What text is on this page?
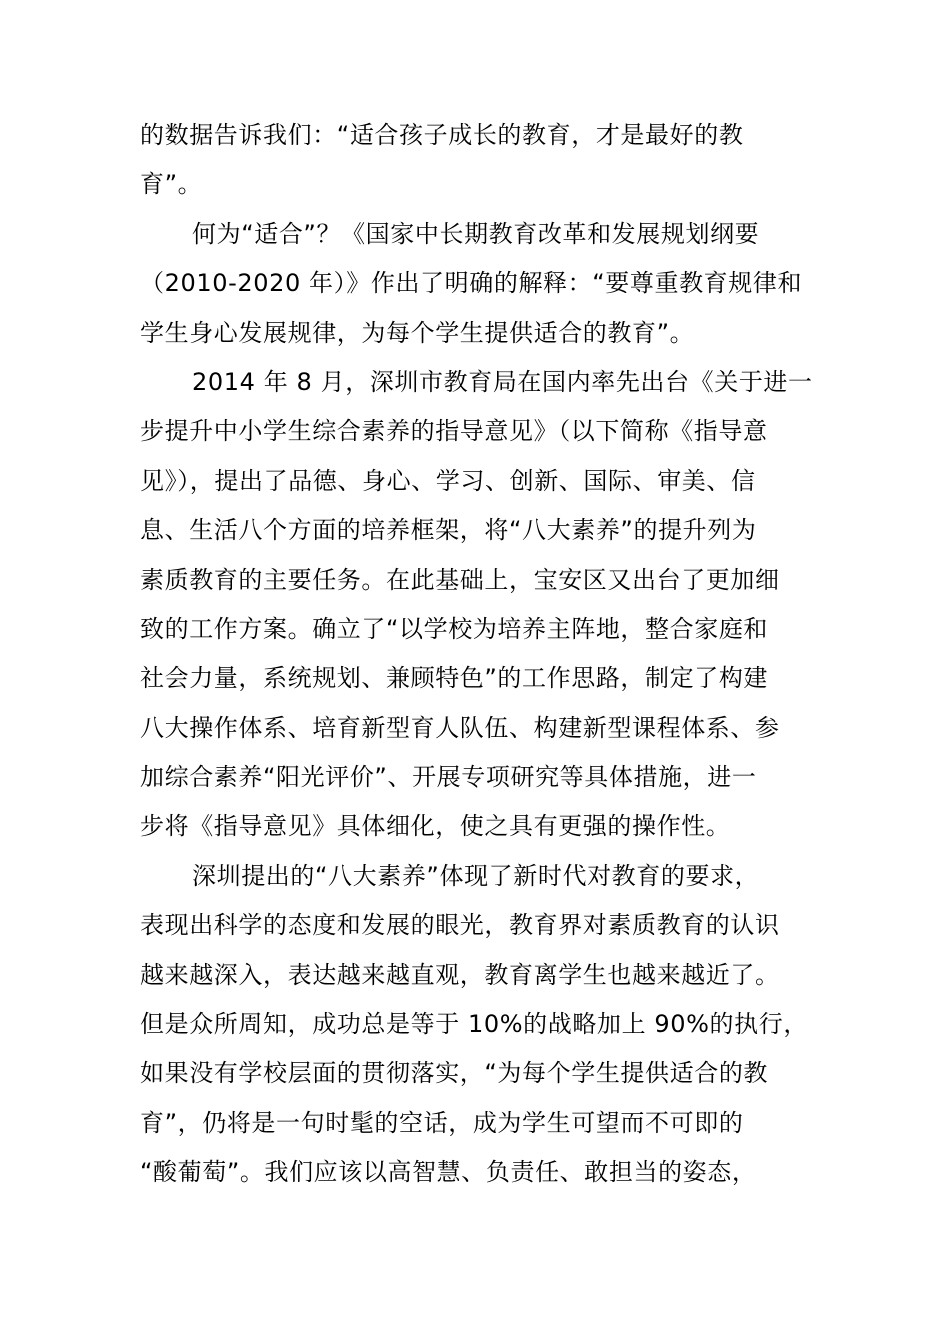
的数据告诉我们：“适合孩子成长的教育，才是最好的教
育”。
何为“适合”？《国家中长期教育改革和发展规划纲要
（2010-2020 年）》作出了明确的解释：“要尊重教育规律和
学生身心发展规律，为每个学生提供适合的教育”。
2014 年 8 月，深圳市教育局在国内率先出台《关于进一
步提升中小学生综合素养的指导意见》（以下简称《指导意
见》），提出了品德、身心、学习、创新、国际、审美、信
息、生活八个方面的培养框架，将“八大素养”的提升列为
素质教育的主要任务。在此基础上，宝安区又出台了更加细
致的工作方案。确立了“以学校为培养主阵地，整合家庭和
社会力量，系统规划、兼顾特色”的工作思路，制定了构建
八大操作体系、培育新型育人队伍、构建新型课程体系、参
加综合素养“阳光评价”、开展专项研究等具体措施，进一
步将《指导意见》具体细化，使之具有更强的操作性。
深圳提出的“八大素养”体现了新时代对教育的要求，
表现出科学的态度和发展的眼光，教育界对素质教育的认识
越来越深入，表达越来越直观，教育离学生也越来越近了。
但是众所周知，成功总是等于 10%的战略加上 90%的执行，
如果没有学校层面的贯彻落实，“为每个学生提供适合的教
育”，仍将是一句时髦的空话，成为学生可望而不可即的
“酸葡萄”。我们应该以高智慧、负责任、敢担当的姿态，
